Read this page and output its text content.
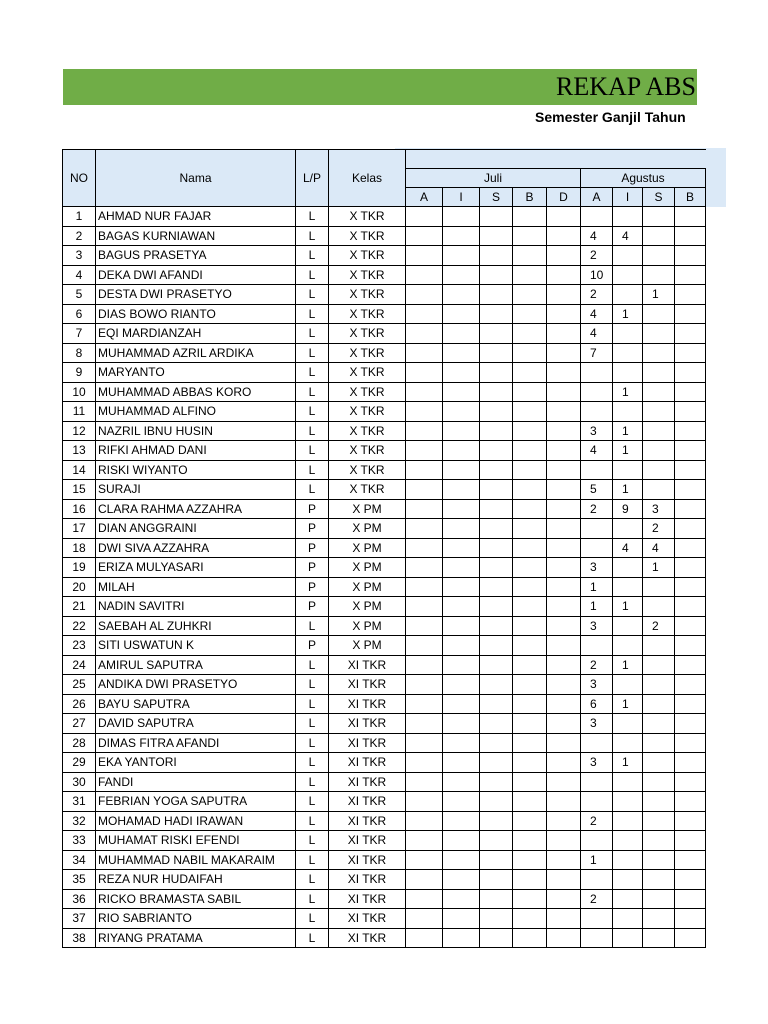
REKAP ABS
Semester Ganjil Tahun
NO	Nama	L/P	Kelas									
				Juli					Agustus			
				A	I	S	B	D	A	I	S	B
1	AHMAD NUR FAJAR	L	X TKR									
2	BAGAS KURNIAWAN	L	X TKR						4	4		
3	BAGUS PRASETYA	L	X TKR						2			
4	DEKA DWI AFANDI	L	X TKR						10			
5	DESTA DWI PRASETYO	L	X TKR						2		1	
6	DIAS BOWO RIANTO	L	X TKR						4	1		
7	EQI MARDIANZAH	L	X TKR						4			
8	MUHAMMAD AZRIL ARDIKA	L	X TKR						7			
9	MARYANTO	L	X TKR									
10	MUHAMMAD ABBAS KORO	L	X TKR							1		
11	MUHAMMAD ALFINO	L	X TKR									
12	NAZRIL IBNU HUSIN	L	X TKR						3	1		
13	RIFKI AHMAD DANI	L	X TKR						4	1		
14	RISKI WIYANTO	L	X TKR									
15	SURAJI	L	X TKR						5	1		
16	CLARA RAHMA AZZAHRA	P	X PM						2	9	3	
17	DIAN ANGGRAINI	P	X PM								2	
18	DWI SIVA AZZAHRA	P	X PM							4	4	
19	ERIZA MULYASARI	P	X PM						3		1	
20	MILAH	P	X PM						1			
21	NADIN SAVITRI	P	X PM						1	1		
22	SAEBAH AL ZUHKRI	L	X PM						3		2	
23	SITI USWATUN K	P	X PM									
24	AMIRUL SAPUTRA	L	XI TKR						2	1		
25	ANDIKA DWI PRASETYO	L	XI TKR						3			
26	BAYU SAPUTRA	L	XI TKR						6	1		
27	DAVID SAPUTRA	L	XI TKR						3			
28	DIMAS FITRA AFANDI	L	XI TKR									
29	EKA YANTORI	L	XI TKR						3	1		
30	FANDI	L	XI TKR									
31	FEBRIAN YOGA SAPUTRA	L	XI TKR									
32	MOHAMAD HADI IRAWAN	L	XI TKR						2			
33	MUHAMAT RISKI EFENDI	L	XI TKR									
34	MUHAMMAD NABIL MAKARAIM	L	XI TKR						1			
35	REZA NUR HUDAIFAH	L	XI TKR									
36	RICKO BRAMASTA SABIL	L	XI TKR						2			
37	RIO SABRIANTO	L	XI TKR									
38	RIYANG PRATAMA	L	XI TKR									
